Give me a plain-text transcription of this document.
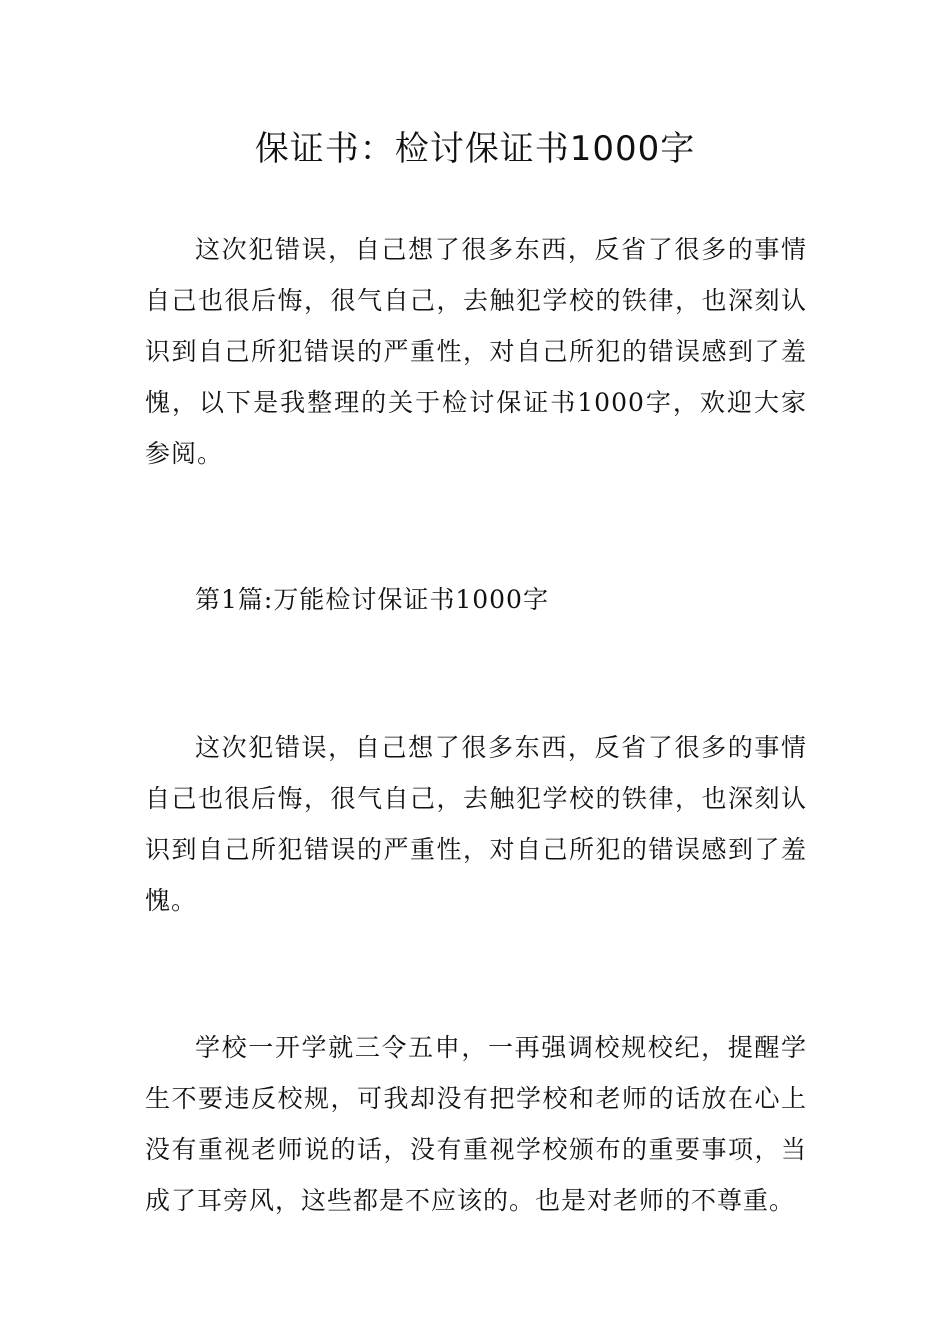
保证书：检讨保证书1000字

这次犯错误，自己想了很多东西，反省了很多的事情自己也很后悔，很气自己，去触犯学校的铁律，也深刻认识到自己所犯错误的严重性，对自己所犯的错误感到了羞愧，以下是我整理的关于检讨保证书1000字，欢迎大家参阅。

第1篇:万能检讨保证书1000字

这次犯错误，自己想了很多东西，反省了很多的事情自己也很后悔，很气自己，去触犯学校的铁律，也深刻认识到自己所犯错误的严重性，对自己所犯的错误感到了羞愧。

学校一开学就三令五申，一再强调校规校纪，提醒学生不要违反校规，可我却没有把学校和老师的话放在心上没有重视老师说的话，没有重视学校颁布的重要事项，当成了耳旁风，这些都是不应该的。也是对老师的不尊重。
